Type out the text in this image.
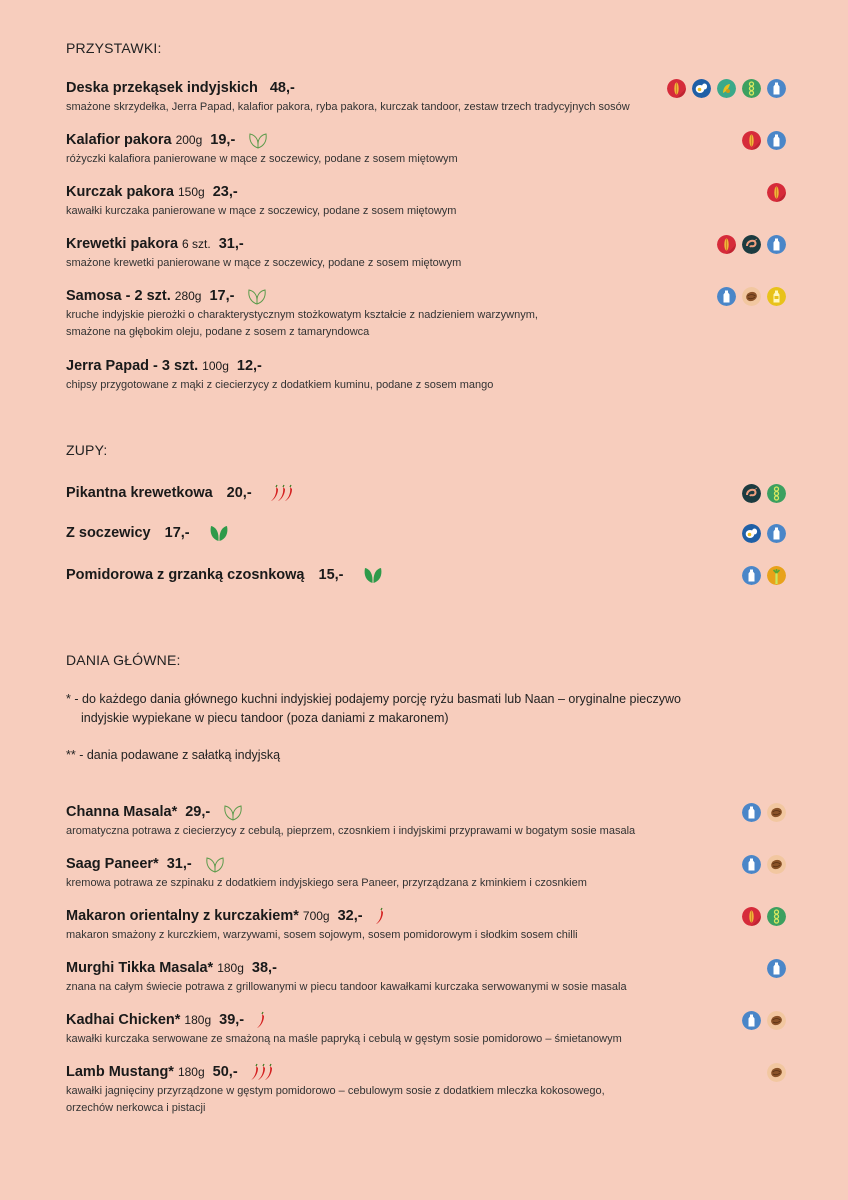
PRZYSTAWKI:
Deska przekąsek indyjskich 48,-
smażone skrzydełka, Jerra Papad, kalafior pakora, ryba pakora, kurczak tandoor, zestaw trzech tradycyjnych sosów
Kalafior pakora 200g 19,-
różyczki kalafiora panierowane w mące z soczewicy, podane z sosem miętowym
Kurczak pakora 150g 23,-
kawałki kurczaka panierowane w mące z soczewicy, podane z sosem miętowym
Krewetki pakora 6 szt. 31,-
smażone krewetki panierowane w mące z soczewicy, podane z sosem miętowym
Samosa - 2 szt. 280g 17,-
kruche indyjskie pierożki o charakterystycznym stożkowatym kształcie z nadzieniem warzywnym,
smażone na głębokim oleju, podane z sosem z tamaryndowca
Jerra Papad - 3 szt. 100g 12,-
chipsy przygotowane z mąki z ciecierzycy z dodatkiem kuminu, podane z sosem mango
ZUPY:
Pikantna krewetkowa 20,-
Z soczewicy 17,-
Pomidorowa z grzanką czosnkową 15,-
DANIA GŁÓWNE:
* - do każdego dania głównego kuchni indyjskiej podajemy porcję ryżu basmati lub Naan – oryginalne pieczywo
indyjskie wypiekane w piecu tandoor (poza daniami z makaronem)
** - dania podawane z sałatką indyjską
Channa Masala* 29,-
aromatyczna potrawa z ciecierzycy z cebulą, pieprzem, czosnkiem i indyjskimi przyprawami w bogatym sosie masala
Saag Paneer* 31,-
kremowa potrawa ze szpinaku z dodatkiem indyjskiego sera Paneer, przyrządzana z kminkiem i czosnkiem
Makaron orientalny z kurczakiem* 700g 32,-
makaron smażony z kurczkiem, warzywami, sosem sojowym, sosem pomidorowym i słodkim sosem chilli
Murghi Tikka Masala* 180g 38,-
znana na całym świecie potrawa z grillowanymi w piecu tandoor kawałkami kurczaka serwowanymi w sosie masala
Kadhai Chicken* 180g 39,-
kawałki kurczaka serwowane ze smażoną na maśle papryką i cebulą w gęstym sosie pomidorowo – śmietanowym
Lamb Mustang* 180g 50,-
kawałki jagnięciny przyrządzone w gęstym pomidorowo – cebulowym sosie z dodatkiem mleczka kokosowego,
orzechów nerkowca i pistacji
